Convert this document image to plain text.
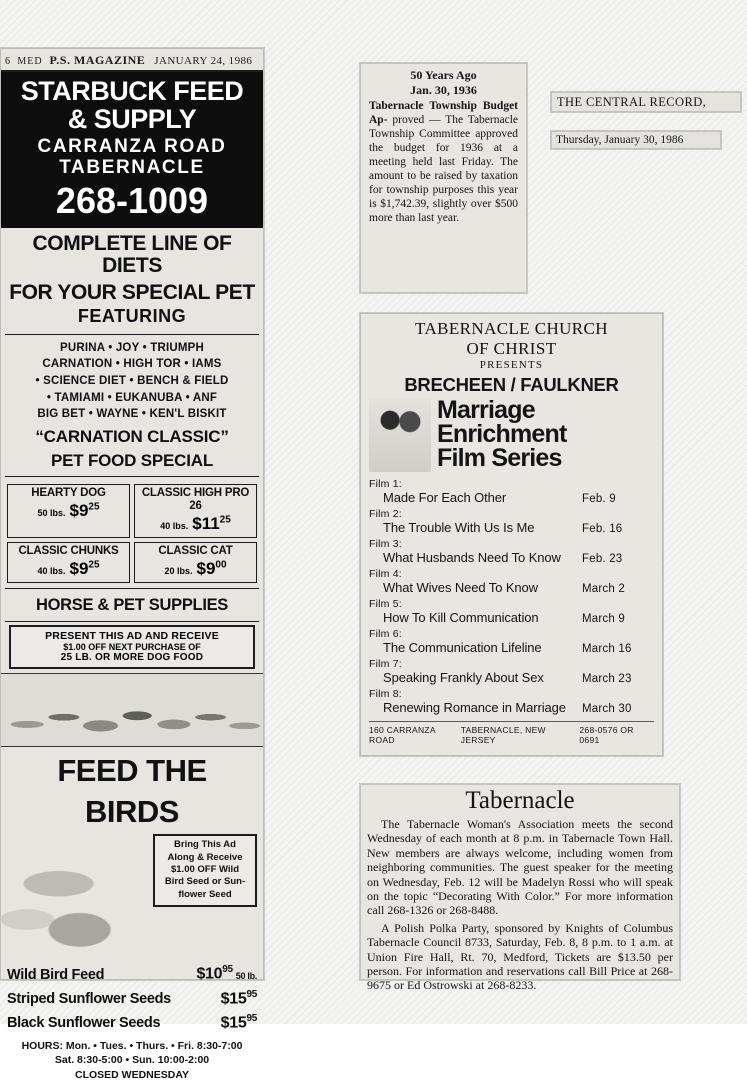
6 MED P.S. MAGAZINE JANUARY 24, 1986
STARBUCK FEED
& SUPPLY
CARRANZA ROAD
TABERNACLE
268-1009
COMPLETE LINE OF DIETS
FOR YOUR SPECIAL PET
FEATURING
PURINA • JOY • TRIUMPH
CARNATION • HIGH TOR • IAMS
• SCIENCE DIET • BENCH & FIELD
• TAMIAMI • EUKANUBA • ANF
BIG BET • WAYNE • KEN'L BISKIT
“CARNATION CLASSIC”
PET FOOD SPECIAL
HEARTY DOG
50 lbs. $\$9^{25}$
CLASSIC HIGH PRO 26
40 lbs. $\$11^{25}$
CLASSIC CHUNKS
40 lbs. $\$9^{25}$
CLASSIC CAT
20 lbs. $\$9^{00}$
HORSE & PET SUPPLIES
PRESENT THIS AD AND RECEIVE
$1.00 OFF NEXT PURCHASE OF
25 LB. OR MORE DOG FOOD
FEED THE
BIRDS
Bring This Ad
Along & Receive
$1.00 OFF Wild
Bird Seed or Sun-
flower Seed
Wild Bird Feed	$\$10^{95}50$ lb.
Striped Sunflower Seeds	$\$15^{95}$
Black Sunflower Seeds	$\$15^{95}$
HOURS: Mon. • Tues. • Thurs. • Fri. 8:30-7:00
Sat. 8:30-5:00 • Sun. 10:00-2:00
CLOSED WEDNESDAY
50 Years Ago
Jan. 30, 1936
Tabernacle Township Budget Ap- proved — The Tabernacle Township Committee approved the budget for 1936 at a meeting held last Friday. The amount to be raised by taxation for township purposes this year is $1,742.39, slightly over $500 more than last year.
THE CENTRAL RECORD,
Thursday, January 30, 1986
TABERNACLE CHURCH
OF CHRIST
PRESENTS
BRECHEEN / FAULKNER
Marriage
Enrichment
Film Series
Film 1:
Made For Each Other	Feb. 9
Film 2:
The Trouble With Us Is Me	Feb. 16
Film 3:
What Husbands Need To Know	Feb. 23
Film 4:
What Wives Need To Know	March 2
Film 5:
How To Kill Communication	March 9
Film 6:
The Communication Lifeline	March 16
Film 7:
Speaking Frankly About Sex	March 23
Film 8:
Renewing Romance in Marriage	March 30
160 CARRANZA ROAD
TABERNACLE, NEW JERSEY
268-0576 OR 0691
Tabernacle

The Tabernacle Woman's Association meets the second Wednesday of each month at 8 p.m. in Tabernacle Town Hall. New members are always welcome, including women from neighboring communities. The guest speaker for the meeting on Wednesday, Feb. 12 will be Madelyn Rossi who will speak on the topic “Decorating With Color.” For more information call 268-1326 or 268-8488.

A Polish Polka Party, sponsored by Knights of Columbus Tabernacle Council 8733, Saturday, Feb. 8, 8 p.m. to 1 a.m. at Union Fire Hall, Rt. 70, Medford, Tickets are $13.50 per person. For information and reservations call Bill Price at 268-9675 or Ed Ostrowski at 268-8233.
